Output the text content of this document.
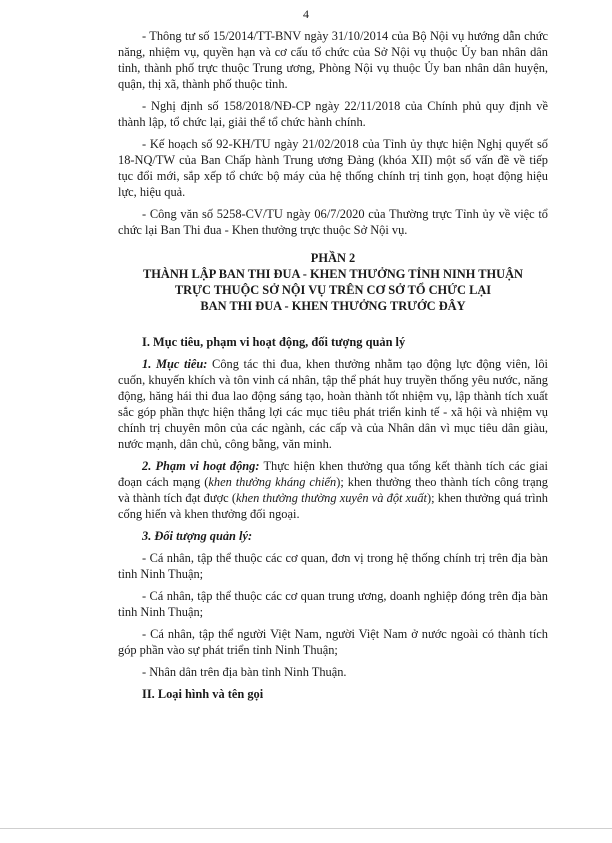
4

- Thông tư số 15/2014/TT-BNV ngày 31/10/2014 của Bộ Nội vụ hướng dẫn chức năng, nhiệm vụ, quyền hạn và cơ cấu tổ chức của Sở Nội vụ thuộc Ủy ban nhân dân tỉnh, thành phố trực thuộc Trung ương, Phòng Nội vụ thuộc Ủy ban nhân dân huyện, quận, thị xã, thành phố thuộc tỉnh.

- Nghị định số 158/2018/NĐ-CP ngày 22/11/2018 của Chính phủ quy định về thành lập, tổ chức lại, giải thể tổ chức hành chính.

- Kế hoạch số 92-KH/TU ngày 21/02/2018 của Tỉnh ủy thực hiện Nghị quyết số 18-NQ/TW của Ban Chấp hành Trung ương Đảng (khóa XII) một số vấn đề về tiếp tục đổi mới, sắp xếp tổ chức bộ máy của hệ thống chính trị tinh gọn, hoạt động hiệu lực, hiệu quả.

- Công văn số 5258-CV/TU ngày 06/7/2020 của Thường trực Tỉnh ủy về việc tổ chức lại Ban Thi đua - Khen thưởng trực thuộc Sở Nội vụ.

PHẦN 2
THÀNH LẬP BAN THI ĐUA - KHEN THƯỞNG TỈNH NINH THUẬN
TRỰC THUỘC SỞ NỘI VỤ TRÊN CƠ SỞ TỔ CHỨC LẠI
BAN THI ĐUA - KHEN THƯỞNG TRƯỚC ĐÂY

I. Mục tiêu, phạm vi hoạt động, đối tượng quản lý

1. Mục tiêu: Công tác thi đua, khen thưởng nhằm tạo động lực động viên, lôi cuốn, khuyến khích và tôn vinh cá nhân, tập thể phát huy truyền thống yêu nước, năng động, hăng hái thi đua lao động sáng tạo, hoàn thành tốt nhiệm vụ, lập thành tích xuất sắc góp phần thực hiện thắng lợi các mục tiêu phát triển kinh tế - xã hội và nhiệm vụ chính trị chuyên môn của các ngành, các cấp và của Nhân dân vì mục tiêu dân giàu, nước mạnh, dân chủ, công bằng, văn minh.

2. Phạm vi hoạt động: Thực hiện khen thưởng qua tổng kết thành tích các giai đoạn cách mạng (khen thưởng kháng chiến); khen thưởng theo thành tích công trạng và thành tích đạt được (khen thưởng thường xuyên và đột xuất); khen thưởng quá trình cống hiến và khen thưởng đối ngoại.

3. Đối tượng quản lý:

- Cá nhân, tập thể thuộc các cơ quan, đơn vị trong hệ thống chính trị trên địa bàn tỉnh Ninh Thuận;

- Cá nhân, tập thể thuộc các cơ quan trung ương, doanh nghiệp đóng trên địa bàn tỉnh Ninh Thuận;

- Cá nhân, tập thể người Việt Nam, người Việt Nam ở nước ngoài có thành tích góp phần vào sự phát triển tỉnh Ninh Thuận;

- Nhân dân trên địa bàn tỉnh Ninh Thuận.

II. Loại hình và tên gọi
